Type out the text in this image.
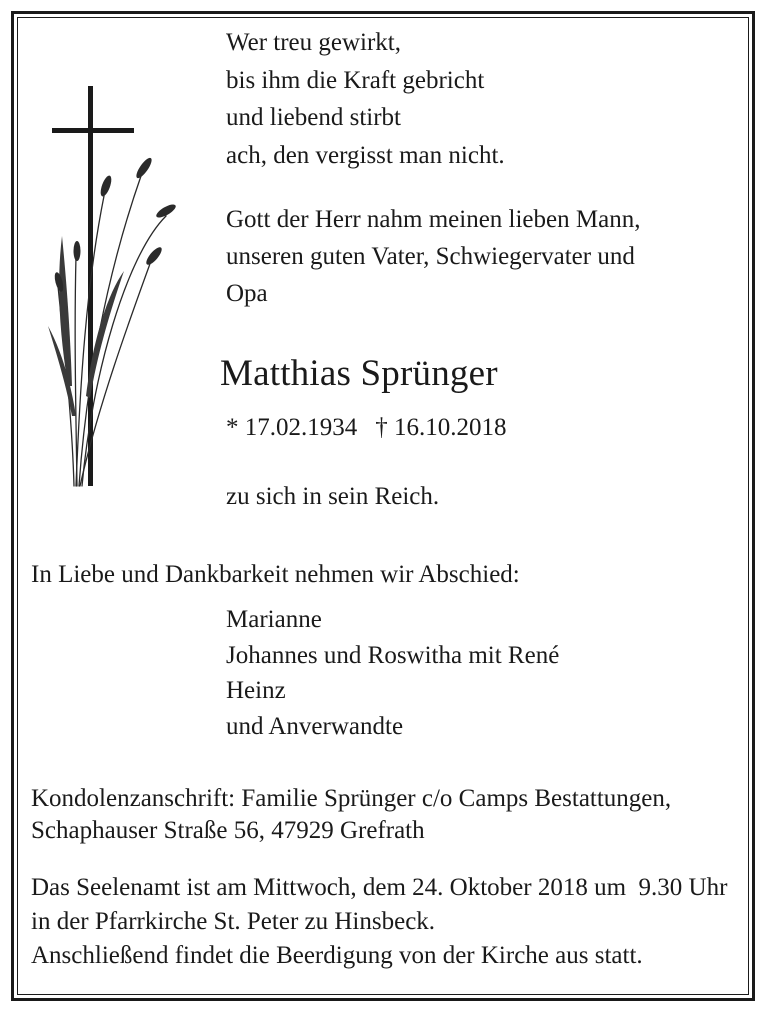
Wer treu gewirkt,
bis ihm die Kraft gebricht
und liebend stirbt
ach, den vergisst man nicht.
Gott der Herr nahm meinen lieben Mann,
unseren guten Vater, Schwiegervater und
Opa
Matthias Sprünger
* 17.02.1934 † 16.10.2018
zu sich in sein Reich.
In Liebe und Dankbarkeit nehmen wir Abschied:
Marianne
Johannes und Roswitha mit René
Heinz
und Anverwandte
Kondolenzanschrift: Familie Sprünger c/o Camps Bestattungen,
Schaphauser Straße 56, 47929 Grefrath
Das Seelenamt ist am Mittwoch, dem 24. Oktober 2018 um  9.30 Uhr
in der Pfarrkirche St. Peter zu Hinsbeck.
Anschließend findet die Beerdigung von der Kirche aus statt.
